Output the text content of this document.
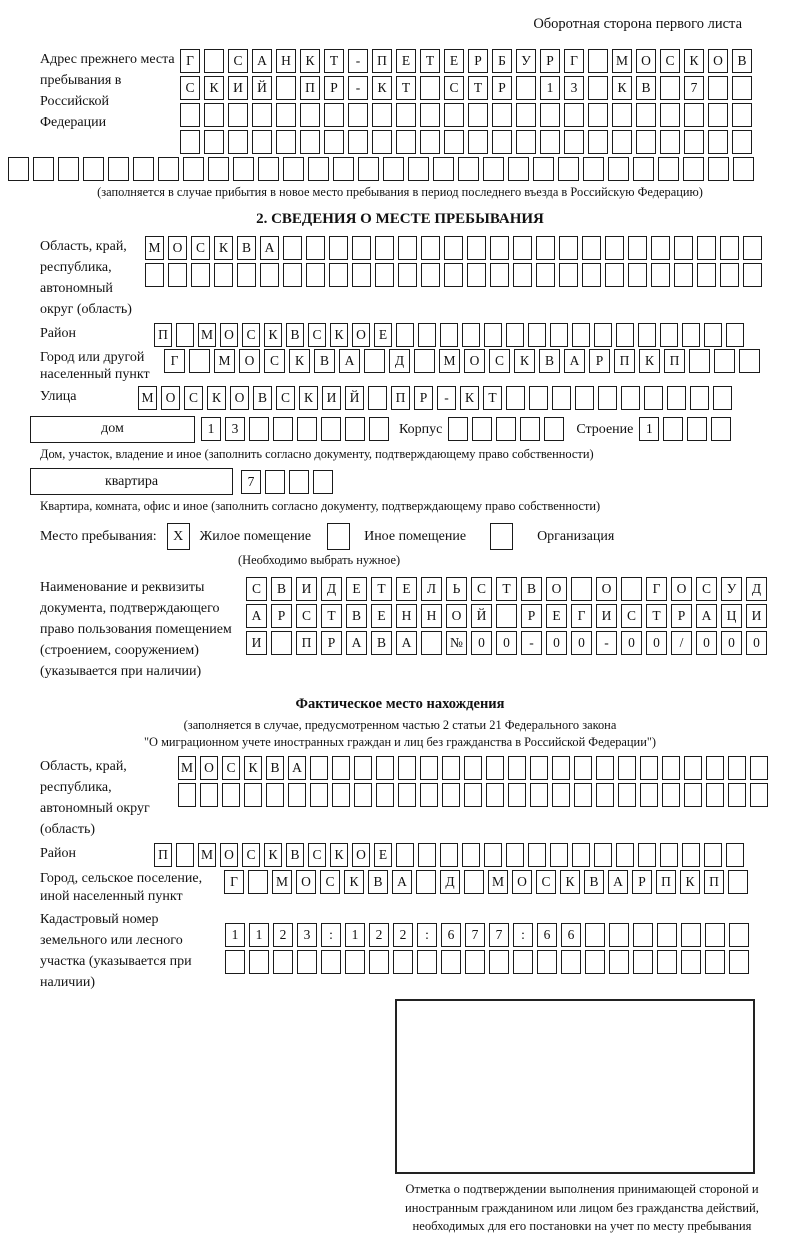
Оборотная сторона первого листа
Адрес прежнего места пребывания в Российской Федерации
Г	С	А	Н	К	Т	-	П	Е	Т	Е	Р	Б	У	Р	Г	М О	С	К	О	В
С	К	И	Й	П	Р	-	К	Т	С	Т	Р	1	3	К	В	7
(заполняется в случае прибытия в новое место пребывания в период последнего въезда в Российскую Федерацию)
2. СВЕДЕНИЯ О МЕСТЕ ПРЕБЫВАНИЯ
Область, край, республика, автономный округ (область)
М О	С	К	В	А
Район	П	М О С К В С К О Е
Город или другой населенный пункт
Г	М	О	С	К	В	А	Д	М	О	С	К	В	А	Р	П	К	П
Улица	М О	С	К	О	В	С	К	И Й	П	Р	-	К	Т
дом	1	3	Корпус	Строение 1
Дом, участок, владение и иное (заполнить согласно документу, подтверждающему право собственности)
квартира	7
Квартира, комната, офис и иное (заполнить согласно документу, подтверждающему право собственности)
Место пребывания:	X	Жилое помещение	Иное помещение	Организация
(Необходимо выбрать нужное)
Наименование и реквизиты документа, подтверждающего право пользования помещением (строением, сооружением) (указывается при наличии)
С	В	И	Д	Е	Т	Е	Л	Ь	С	Т	В	О	О	Г	О	С	У	Д
А	Р	С	Т	В	Е	Н	Н	О	Й	Р	Е	Г	И	С	Т	Р	А	Ц	И
И	П	Р	А	В	А	№	0	0	-	0	0	-	0	0	/	0	0	0
Фактическое место нахождения
(заполняется в случае, предусмотренном частью 2 статьи 21 Федерального закона
"О миграционном учете иностранных граждан и лиц без гражданства в Российской Федерации")
Область, край, республика, автономный округ (область)
М О С К В А
Район	П	М О С К В С К О Е
Город, сельское поселение, иной населенный пункт
Г	М О	С	К	В	А	Д	М О	С	К	В	А	Р	П	К	П
Кадастровый номер земельного или лесного участка (указывается при наличии)
1	1	2	3	:	1	2	2	:	6	7	7	:	6	6
Отметка о подтверждении выполнения принимающей стороной и иностранным гражданином или лицом без гражданства действий, необходимых для его постановки на учет по месту пребывания
